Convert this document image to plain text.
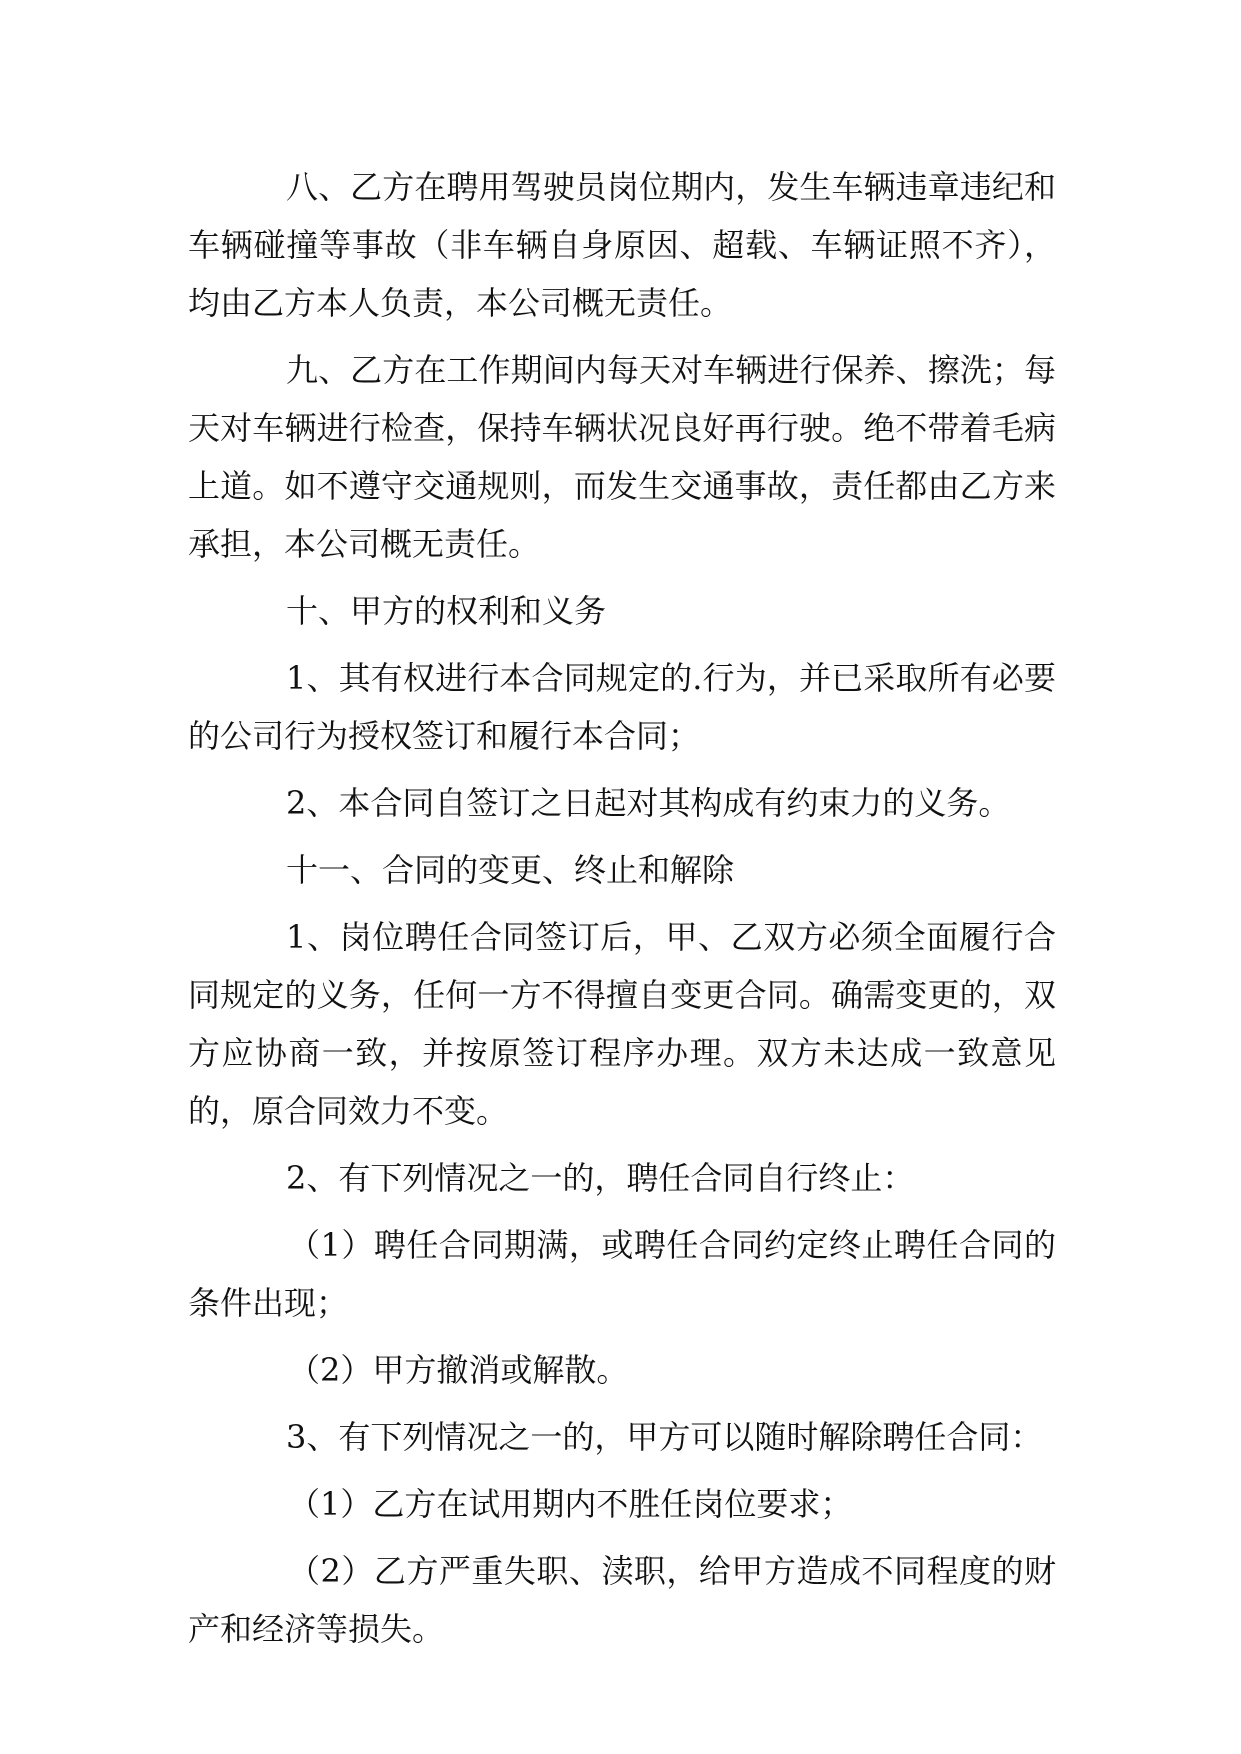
八、乙方在聘用驾驶员岗位期内，发生车辆违章违纪和车辆碰撞等事故（非车辆自身原因、超载、车辆证照不齐），均由乙方本人负责，本公司概无责任。

九、乙方在工作期间内每天对车辆进行保养、擦洗；每天对车辆进行检查，保持车辆状况良好再行驶。绝不带着毛病上道。如不遵守交通规则，而发生交通事故，责任都由乙方来承担，本公司概无责任。

十、甲方的权利和义务

1、其有权进行本合同规定的.行为，并已采取所有必要的公司行为授权签订和履行本合同；

2、本合同自签订之日起对其构成有约束力的义务。

十一、合同的变更、终止和解除

1、岗位聘任合同签订后，甲、乙双方必须全面履行合同规定的义务，任何一方不得擅自变更合同。确需变更的，双方应协商一致，并按原签订程序办理。双方未达成一致意见的，原合同效力不变。

2、有下列情况之一的，聘任合同自行终止：

（1）聘任合同期满，或聘任合同约定终止聘任合同的条件出现；

（2）甲方撤消或解散。

3、有下列情况之一的，甲方可以随时解除聘任合同：

（1）乙方在试用期内不胜任岗位要求；

（2）乙方严重失职、渎职，给甲方造成不同程度的财产和经济等损失。
